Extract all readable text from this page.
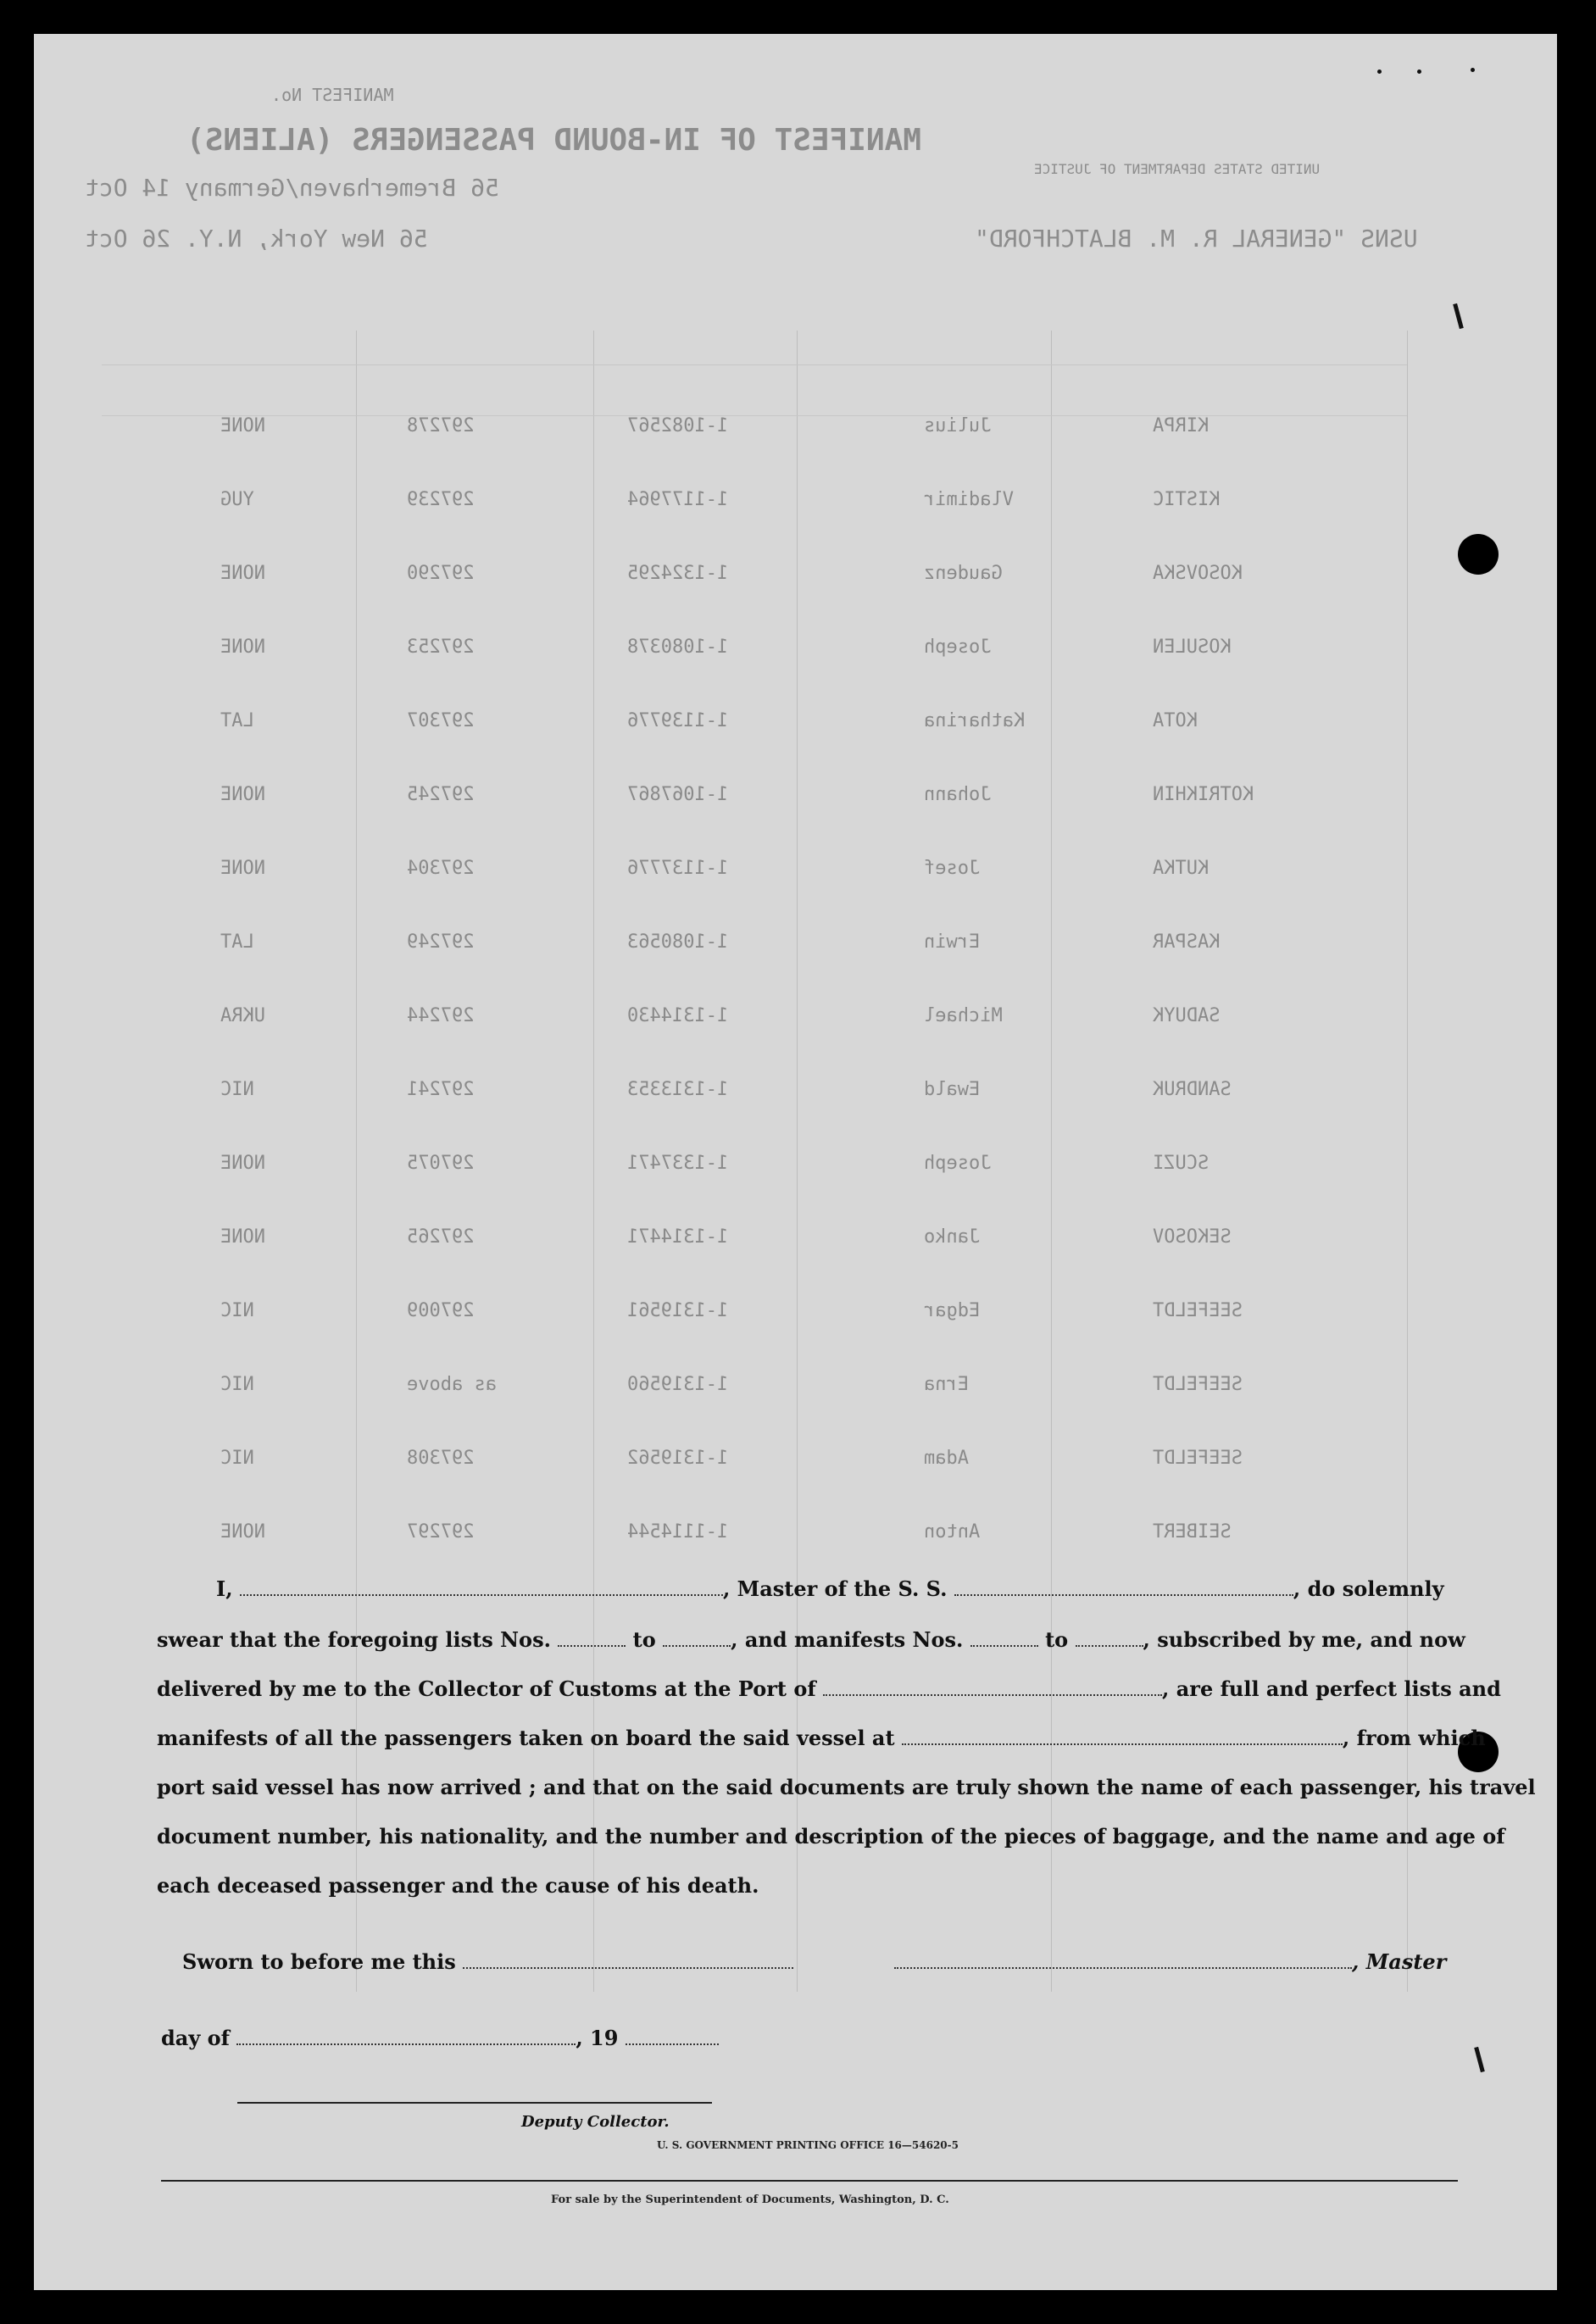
MANIFEST OF IN-BOUND PASSENGERS (ALIENS)
MANIFEST No.
56 Bremerhaven/Germany 14 Oct
56 New York, N.Y. 26 Oct	USNS "GENERAL R. M. BLATCHFORD"
UNITED STATES DEPARTMENT OF JUSTICE
NONE	297278	1-1082567	Julius	KIRPA
YUG	297239	1-1177964	Vladimir	KISTIC
NONE	297290	1-1324295	Gaudenz	KOSOVSKA
NONE	297253	1-1080378	Joseph	KOSULEN
LAT	297307	1-1139776	Katharina	KOTA
NONE	297245	1-1067867	Johann	KOTRIKHIN
NONE	297304	1-1137776	Josef	KUTKA
LAT	297249	1-1080563	Erwin	KASPAR
UKRA	297244	1-1314430	Michael	SADUYK
NIC	297241	1-1313353	Ewald	SANDRUK
NONE	297075	1-1337471	Joseph	SCUZI
NONE	297265	1-1314471	Janko	SEKOSOV
NIC	297009	1-1319561	Edgar	SEEFELDT
NIC	as above	1-1319560	Erna	SEEFELDT
NIC	297308	1-1319562	Adam	SEEFELDT
NONE	297297	1-1114544	Anton	SEIBERT
I,	, Master of the S. S.	, do solemnly
swear that the foregoing lists Nos.	to	, and manifests Nos.	to	, subscribed by me, and now
delivered by me to the Collector of Customs at the Port of	, are full and perfect lists and
manifests of all the passengers taken on board the said vessel at	, from which
port said vessel has now arrived ; and that on the said documents are truly shown the name of each passenger, his travel
document number, his nationality, and the number and description of the pieces of baggage, and the name and age of
each deceased passenger and the cause of his death.
Sworn to before me this	, Master
day of	, 19
Deputy Collector.
U. S. GOVERNMENT PRINTING OFFICE 16—54620-5
For sale by the Superintendent of Documents, Washington, D. C.
